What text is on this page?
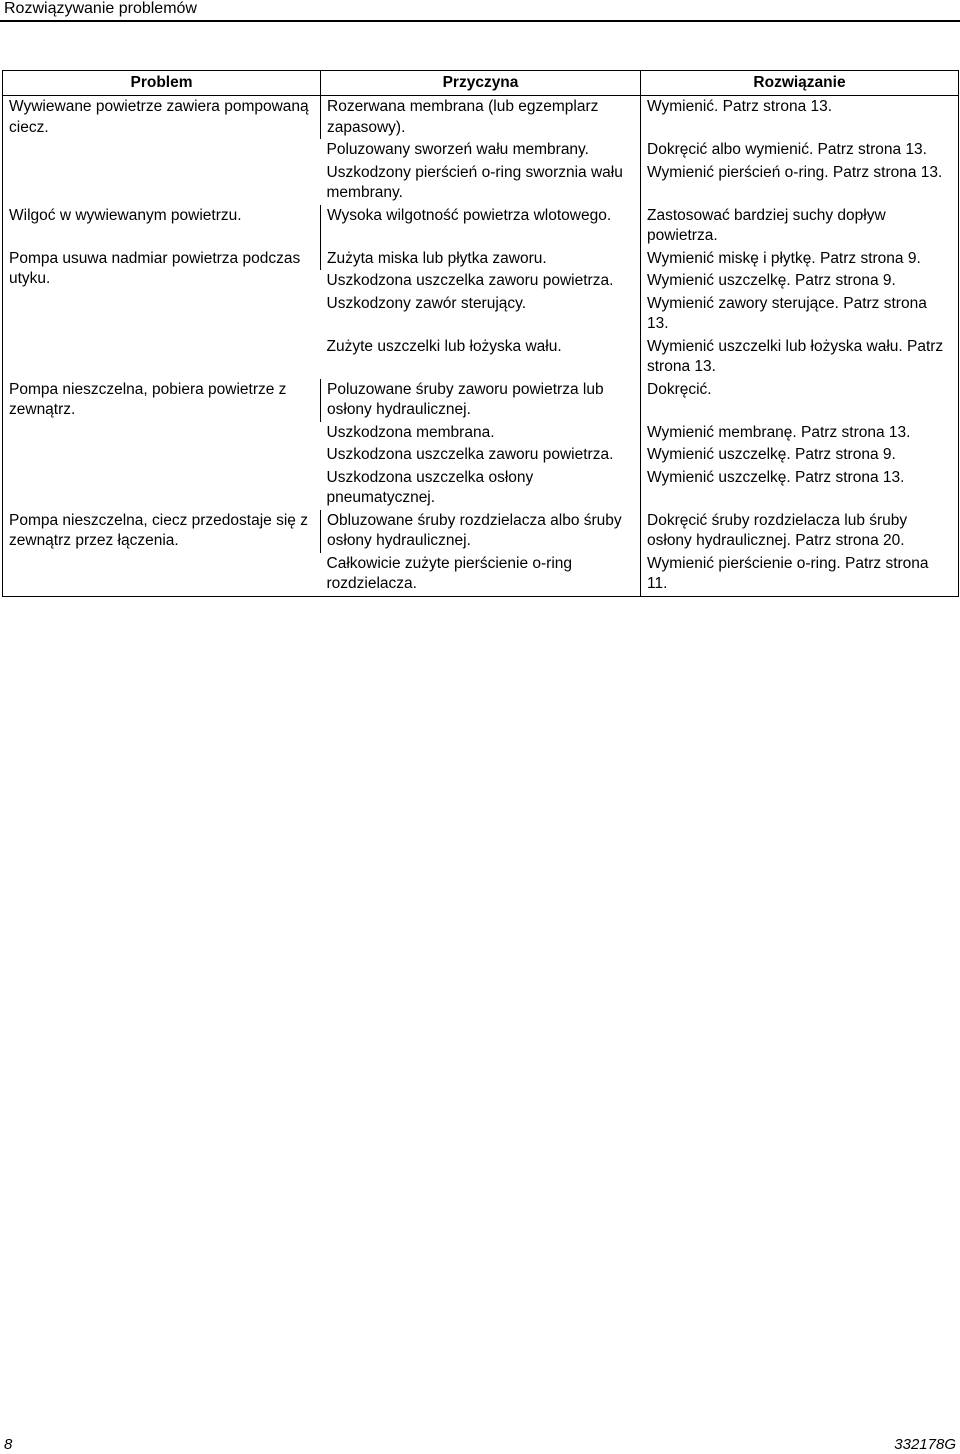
Rozwiązywanie problemów
Problem	Przyczyna	Rozwiązanie
Wywiewane powietrze zawiera pompowaną ciecz.	Rozerwana membrana (lub egzemplarz zapasowy).	Wymienić. Patrz strona 13.
	Poluzowany sworzeń wału membrany.	Dokręcić albo wymienić. Patrz strona 13.
	Uszkodzony pierścień o-ring sworznia wału membrany.	Wymienić pierścień o-ring. Patrz strona 13.
Wilgoć w wywiewanym powietrzu.	Wysoka wilgotność powietrza wlotowego.	Zastosować bardziej suchy dopływ powietrza.
Pompa usuwa nadmiar powietrza podczas utyku.	Zużyta miska lub płytka zaworu.	Wymienić miskę i płytkę. Patrz strona 9.
	Uszkodzona uszczelka zaworu powietrza.	Wymienić uszczelkę. Patrz strona 9.
	Uszkodzony zawór sterujący.	Wymienić zawory sterujące. Patrz strona 13.
	Zużyte uszczelki lub łożyska wału.	Wymienić uszczelki lub łożyska wału. Patrz strona 13.
Pompa nieszczelna, pobiera powietrze z zewnątrz.	Poluzowane śruby zaworu powietrza lub osłony hydraulicznej.	Dokręcić.
	Uszkodzona membrana.	Wymienić membranę. Patrz strona 13.
	Uszkodzona uszczelka zaworu powietrza.	Wymienić uszczelkę. Patrz strona 9.
	Uszkodzona uszczelka osłony pneumatycznej.	Wymienić uszczelkę. Patrz strona 13.
Pompa nieszczelna, ciecz przedostaje się z zewnątrz przez łączenia.	Obluzowane śruby rozdzielacza albo śruby osłony hydraulicznej.	Dokręcić śruby rozdzielacza lub śruby osłony hydraulicznej. Patrz strona 20.
	Całkowicie zużyte pierścienie o-ring rozdzielacza.	Wymienić pierścienie o-ring. Patrz strona 11.
8	332178G
